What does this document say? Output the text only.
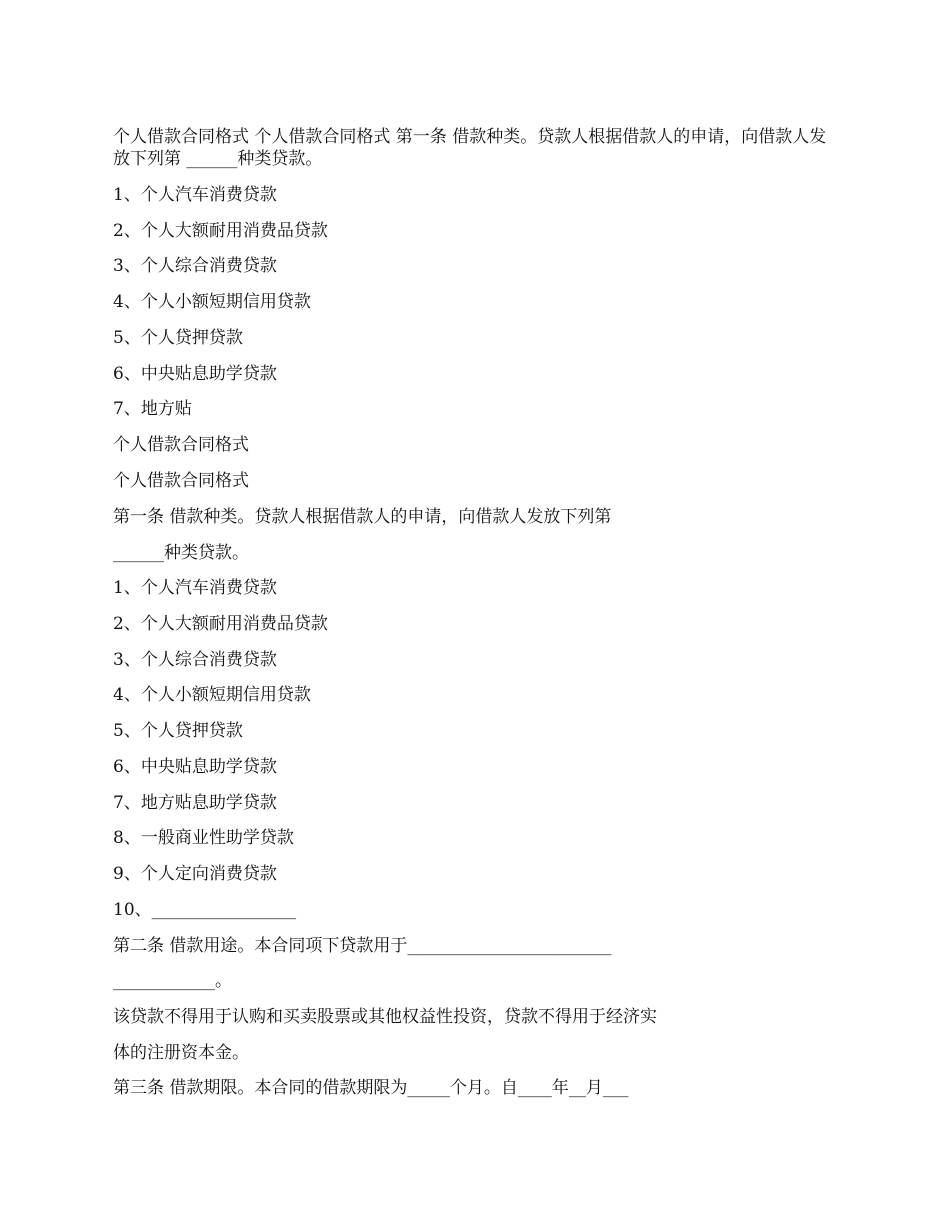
个人借款合同格式 个人借款合同格式 第一条 借款种类。贷款人根据借款人的申请，向借款人发放下列第 ______种类贷款。

1、个人汽车消费贷款

2、个人大额耐用消费品贷款

3、个人综合消费贷款

4、个人小额短期信用贷款

5、个人贷押贷款

6、中央贴息助学贷款

7、地方贴

个人借款合同格式

个人借款合同格式

第一条 借款种类。贷款人根据借款人的申请，向借款人发放下列第

______种类贷款。

1、个人汽车消费贷款

2、个人大额耐用消费品贷款

3、个人综合消费贷款

4、个人小额短期信用贷款

5、个人贷押贷款

6、中央贴息助学贷款

7、地方贴息助学贷款

8、一般商业性助学贷款

9、个人定向消费贷款

10、_________________

第二条 借款用途。本合同项下贷款用于________________________

____________。

该贷款不得用于认购和买卖股票或其他权益性投资，贷款不得用于经济实

体的注册资本金。

第三条 借款期限。本合同的借款期限为_____个月。自____年__月___
